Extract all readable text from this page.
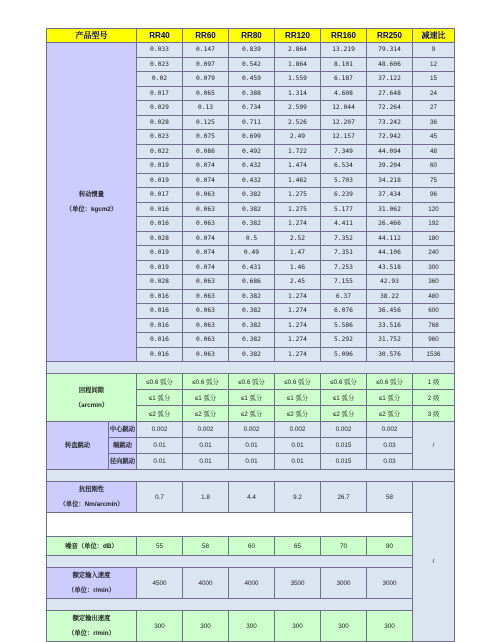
产品型号		RR40	RR60	RR80	RR120	RR160	RR250	减速比
转动惯量
（单位：kgcm2）		0.033	0.147	0.839	2.864	13.219	79.314	9
		0.023	0.097	0.542	1.864	8.101	48.606	12
		0.02	0.079	0.459	1.559	6.187	37.122	15
		0.017	0.065	0.388	1.314	4.608	27.648	24
		0.029	0.13	0.734	2.599	12.044	72.264	27
		0.028	0.125	0.711	2.526	12.207	73.242	36
		0.023	0.075	0.699	2.49	12.157	72.942	45
		0.022	0.086	0.492	1.722	7.349	44.094	48
		0.019	0.074	0.432	1.474	6.534	39.204	60
		0.019	0.074	0.432	1.462	5.703	34.218	75
		0.017	0.063	0.382	1.275	6.239	37.434	96
		0.016	0.063	0.382	1.275	5.177	31.062	120
		0.016	0.063	0.382	1.274	4.411	26.466	192
		0.028	0.074	0.5	2.52	7.352	44.112	180
		0.019	0.074	0.49	1.47	7.351	44.106	240
		0.019	0.074	0.431	1.46	7.253	43.518	300
		0.028	0.063	0.686	2.45	7.155	42.93	360
		0.016	0.063	0.382	1.274	6.37	38.22	480
		0.016	0.063	0.382	1.274	6.076	36.456	600
		0.016	0.063	0.382	1.274	5.586	33.516	768
		0.016	0.063	0.382	1.274	5.292	31.752	960
		0.016	0.063	0.382	1.274	5.096	30.576	1536

回程间隙
（arcmin）		≤0.6 弧分	≤0.6 弧分	≤0.6 弧分	≤0.6 弧分	≤0.6 弧分	≤0.6 弧分	1 级
		≤1 弧分	≤1 弧分	≤1 弧分	≤1 弧分	≤1 弧分	≤1 弧分	2 级
		≤2 弧分	≤2 弧分	≤2 弧分	≤2 弧分	≤2 弧分	≤2 弧分	3 级
转盘跳动	中心跳动	0.002	0.002	0.002	0.002	0.002	0.002	/
	端跳动	0.01	0.01	0.01	0.01	0.015	0.03	
	径向跳动	0.01	0.01	0.01	0.01	0.015	0.03	

抗扭刚性
（单位：Nm/arcmin）		0.7	1.8	4.4	9.2	26.7	58	/

噪音（单位：dB）		55	58	60	65	70	80	

额定输入速度
（单位：r/min）		4500	4000	4000	3500	3000	3000	

额定输出速度
（单位：r/min）		300	300	300	300	300	300	
